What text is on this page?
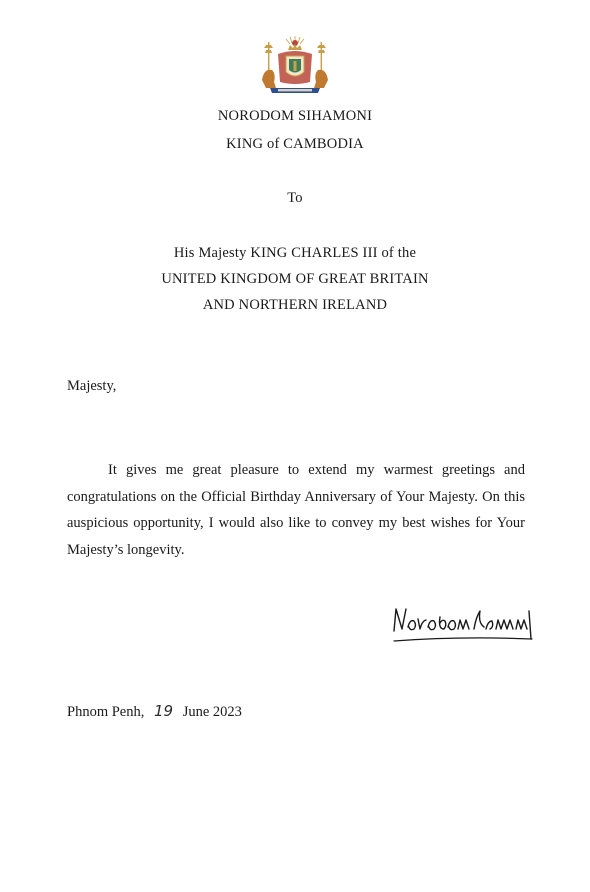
NORODOM SIHAMONI
KING of CAMBODIA
To
His Majesty KING CHARLES III of the
UNITED KINGDOM OF GREAT BRITAIN
AND NORTHERN IRELAND
Majesty,
It gives me great pleasure to extend my warmest greetings and congratulations on the Official Birthday Anniversary of Your Majesty. On this auspicious opportunity, I would also like to convey my best wishes for Your Majesty’s longevity.
Phnom Penh, 19 June 2023
